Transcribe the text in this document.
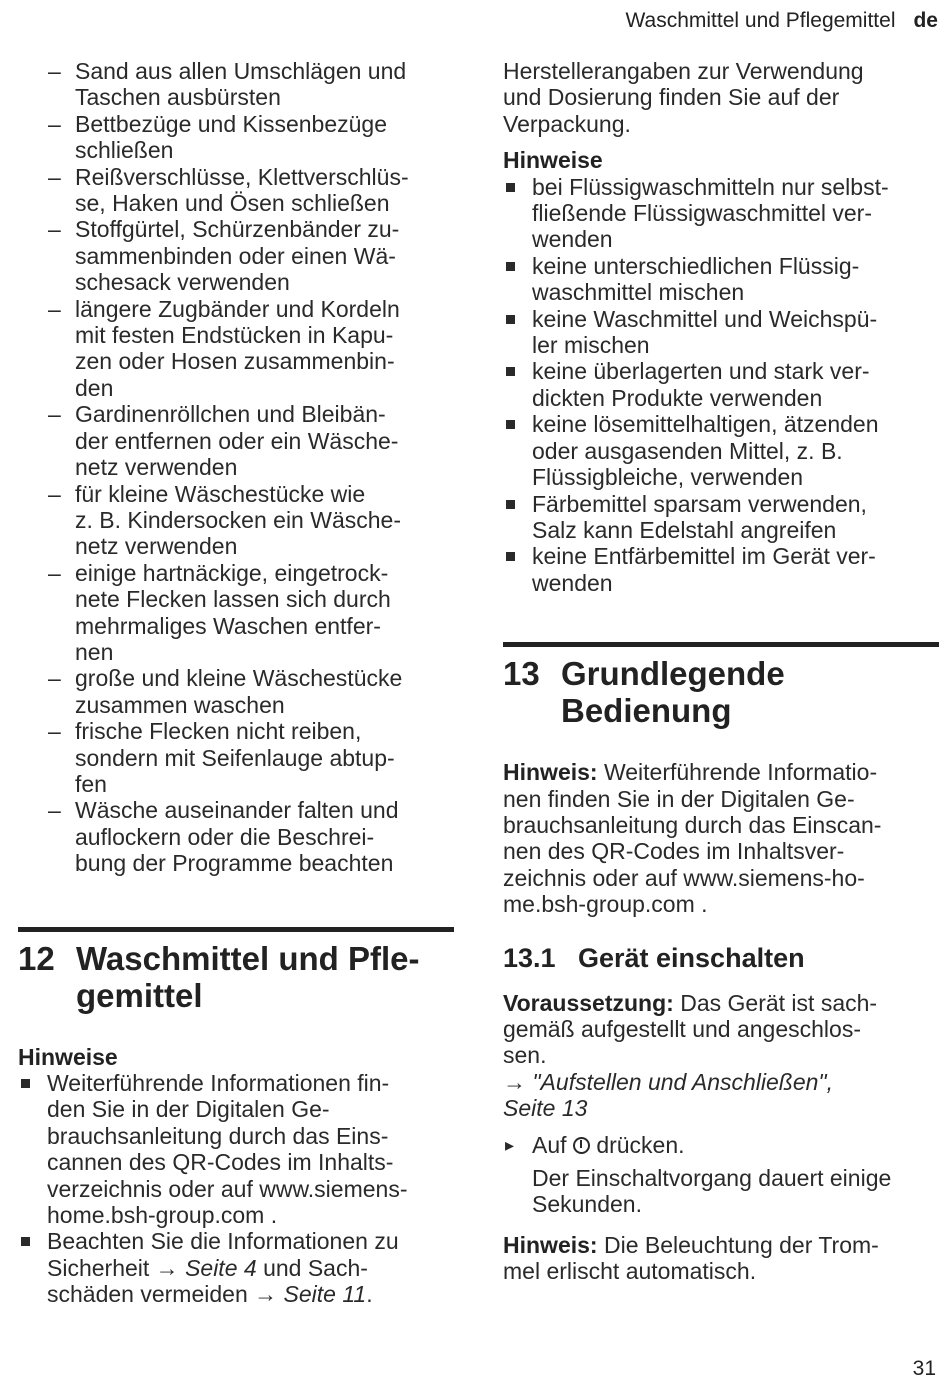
Waschmittel und Pflegemittel de
– Sand aus allen Umschlägen und
Taschen ausbürsten
– Bettbezüge und Kissenbezüge
schließen
– Reißverschlüsse, Klettverschlüs-
se, Haken und Ösen schließen
– Stoffgürtel, Schürzenbänder zu-
sammenbinden oder einen Wä-
schesack verwenden
– längere Zugbänder und Kordeln
mit festen Endstücken in Kapu-
zen oder Hosen zusammenbin-
den
– Gardinenröllchen und Bleibän-
der entfernen oder ein Wäsche-
netz verwenden
– für kleine Wäschestücke wie
z. B. Kindersocken ein Wäsche-
netz verwenden
– einige hartnäckige, eingetrock-
nete Flecken lassen sich durch
mehrmaliges Waschen entfer-
nen
– große und kleine Wäschestücke
zusammen waschen
– frische Flecken nicht reiben,
sondern mit Seifenlauge abtup-
fen
– Wäsche auseinander falten und
auflockern oder die Beschrei-
bung der Programme beachten
12 Waschmittel und Pfle-
gemittel

Hinweise

Weiterführende Informationen fin-
den Sie in der Digitalen Ge-
brauchsanleitung durch das Eins-
cannen des QR-Codes im Inhalts-
verzeichnis oder auf www.siemens-
home.bsh-group.com .
Beachten Sie die Informationen zu
Sicherheit → Seite 4 und Sach-
schäden vermeiden → Seite 11.

Herstellerangaben zur Verwendung
und Dosierung finden Sie auf der
Verpackung.

Hinweise

bei Flüssigwaschmitteln nur selbst-
fließende Flüssigwaschmittel ver-
wenden
keine unterschiedlichen Flüssig-
waschmittel mischen
keine Waschmittel und Weichspü-
ler mischen
keine überlagerten und stark ver-
dickten Produkte verwenden
keine lösemittelhaltigen, ätzenden
oder ausgasenden Mittel, z. B.
Flüssigbleiche, verwenden
Färbemittel sparsam verwenden,
Salz kann Edelstahl angreifen
keine Entfärbemittel im Gerät ver-
wenden
13 Grundlegende
Bedienung

Hinweis: Weiterführende Informatio-
nen finden Sie in der Digitalen Ge-
brauchsanleitung durch das Einscan-
nen des QR-Codes im Inhaltsver-
zeichnis oder auf www.siemens-ho-
me.bsh-group.com .

13.1 Gerät einschalten

Voraussetzung: Das Gerät ist sach-
gemäß aufgestellt und angeschlos-
sen.
→ "Aufstellen und Anschließen",
Seite 13

▸ Auf drücken.

Der Einschaltvorgang dauert einige
Sekunden.

Hinweis: Die Beleuchtung der Trom-
mel erlischt automatisch.

31
